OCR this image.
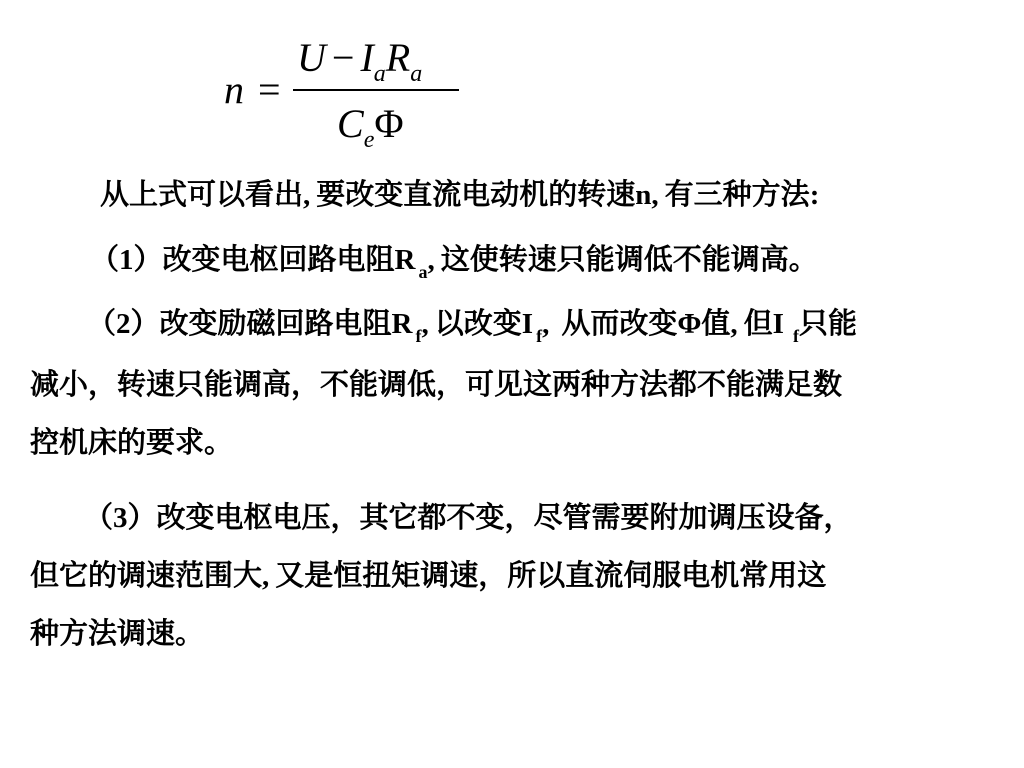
n =
$U - I_aR_a$
$C_e\Phi$
从上式可以看出, 要改变直流电动机的转速n, 有三种方法:
（1）改变电枢回路电阻R $_a$, 这使转速只能调低不能调高。
（2）改变励磁回路电阻R $_f$, 以改变I $_f$, 从而改变Φ值, 但I $_f$只能
减小，转速只能调高，不能调低，可见这两种方法都不能满足数
控机床的要求。
（3）改变电枢电压，其它都不变，尽管需要附加调压设备，
但它的调速范围大, 又是恒扭矩调速，所以直流伺服电机常用这
种方法调速。
